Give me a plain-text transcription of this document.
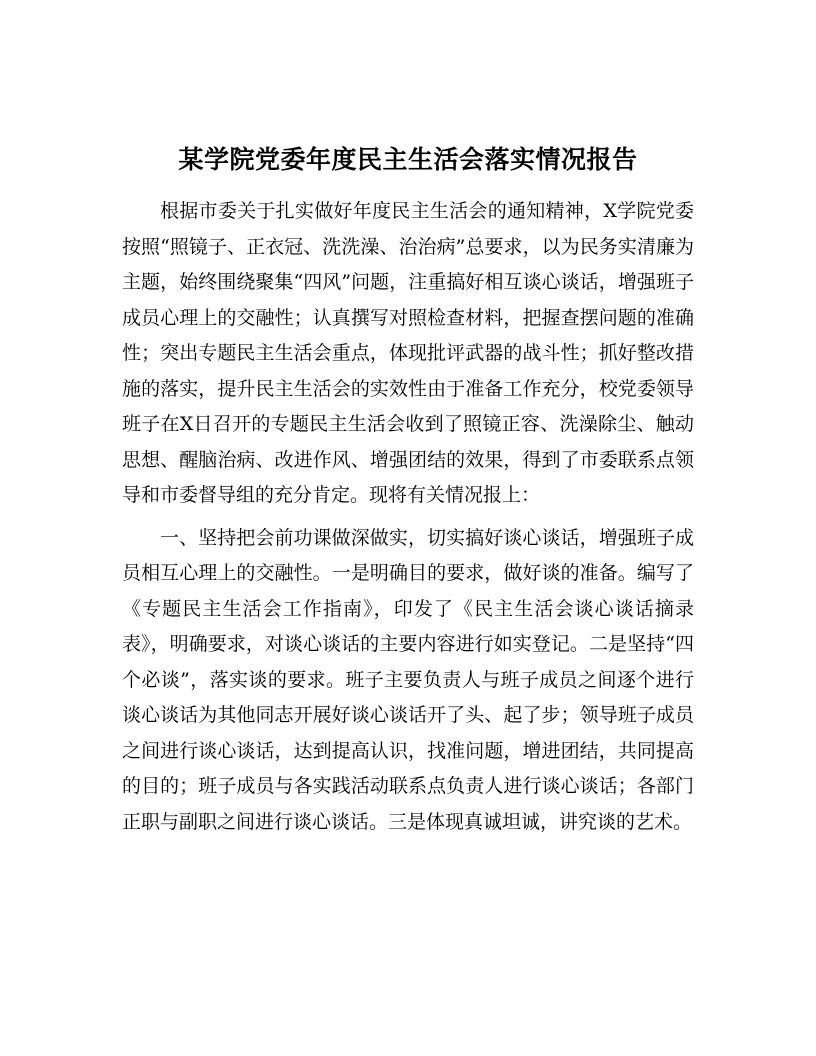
某学院党委年度民主生活会落实情况报告

根据市委关于扎实做好年度民主生活会的通知精神，X学院党委按照“照镜子、正衣冠、洗洗澡、治治病”总要求，以为民务实清廉为主题，始终围绕聚集“四风”问题，注重搞好相互谈心谈话，增强班子成员心理上的交融性；认真撰写对照检查材料，把握查摆问题的准确性；突出专题民主生活会重点，体现批评武器的战斗性；抓好整改措施的落实，提升民主生活会的实效性由于准备工作充分，校党委领导班子在X日召开的专题民主生活会收到了照镜正容、洗澡除尘、触动思想、醒脑治病、改进作风、增强团结的效果，得到了市委联系点领导和市委督导组的充分肯定。现将有关情况报上：

一、坚持把会前功课做深做实，切实搞好谈心谈话，增强班子成员相互心理上的交融性。一是明确目的要求，做好谈的准备。编写了《专题民主生活会工作指南》，印发了《民主生活会谈心谈话摘录表》，明确要求，对谈心谈话的主要内容进行如实登记。二是坚持“四个必谈”，落实谈的要求。班子主要负责人与班子成员之间逐个进行谈心谈话为其他同志开展好谈心谈话开了头、起了步；领导班子成员之间进行谈心谈话，达到提高认识，找准问题，增进团结，共同提高的目的；班子成员与各实践活动联系点负责人进行谈心谈话；各部门正职与副职之间进行谈心谈话。三是体现真诚坦诚，讲究谈的艺术。
